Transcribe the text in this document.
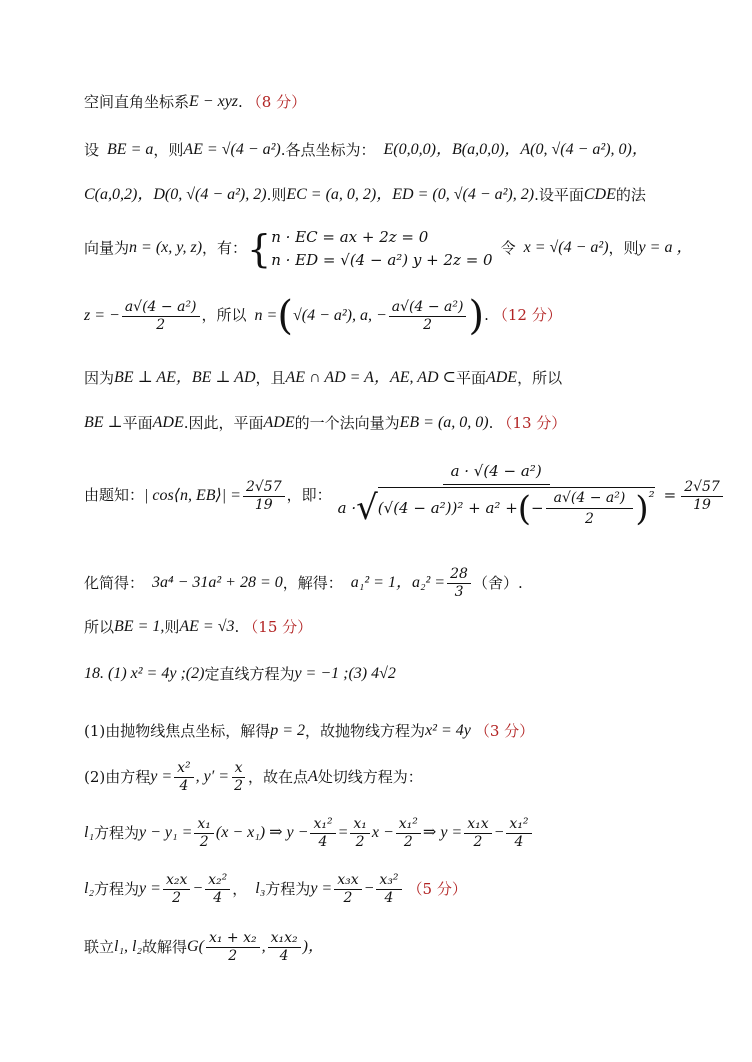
空间直角坐标系 E − xyz . （8 分）
设 BE = a ，则 AE = √(4 − a²) .各点坐标为： E(0,0,0)，B(a,0,0)，A(0, √(4 − a²), 0)，
C(a,0,2)，D(0, √(4 − a²), 2) .则 EC = (a, 0, 2)，ED = (0, √(4 − a²), 2) .设平面 CDE 的法
向量为 n = (x, y, z) ，有： { n · EC = ax + 2z = 0
n · ED = √(4 − a²) y + 2z = 0
令 x = √(4 − a²) ，则 y = a ，
z = − $\frac{\text{a√(4 − a²)}}{2}$ ，所以 n = ( √(4 − a²), a, − $\frac{\text{a√(4 − a²)}}{2}$ ) . （12 分）
因为 BE ⊥ AE，BE ⊥ AD ，且 AE ∩ AD = A，AE, AD ⊂ 平面 ADE ，所以
BE ⊥ 平面 ADE .因此，平面 ADE 的一个法向量为 EB = (a, 0, 0) . （13 分）
由题知： | cos⟨n, EB⟩| = $\frac{2√57}{19}$ ，即：
a · √(4 − a²)
a · √ (√(4 − a²))² + a² + ( − $\frac{\text{a√(4 − a²)}}{2}$ ) $^2 = \frac{2√57}{19}$
化简得： 3a⁴ − 31a² + 28 = 0 ，解得： a₁² = 1，$a_2^2 = \frac{28}{3}$ （舍）.
所以 BE = 1, 则 AE = √3 . （15 分）
18. (1) x² = 4y ;(2) 定直线方程为 y = −1 ;(3) 4√2
(1)由抛物线焦点坐标，解得 p = 2 ，故抛物线方程为 x² = 4y （3 分）
(2)由方程 $y = \frac{\text{x²}}{4}$ , $y' = \frac{x}{2}$ ，故在点 A 处切线方程为：
l₁ 方程为 $y - y_1 = \frac{\text{x₁}}{2} (x - x_1)$ ⇒ $y - \frac{\text{x₁²}}{4} = \frac{\text{x₁}}{2}$ $x - \frac{\text{x₁²}}{2}$ ⇒ $y = \frac{\text{x₁x}}{2} - \frac{\text{x₁²}}{4}$
l₂ 方程为 $y = \frac{\text{x₂x}}{2} - \frac{\text{x₂²}}{4}$ ， l₃ 方程为 $y = \frac{\text{x₃x}}{2} - \frac{\text{x₃²}}{4} (5$ 分）
联立 l₁, l₂ 故解得 $G( \frac{\text{x₁ + x₂}}{2}$ , $\frac{\text{x₁x₂}}{4}$ )，
